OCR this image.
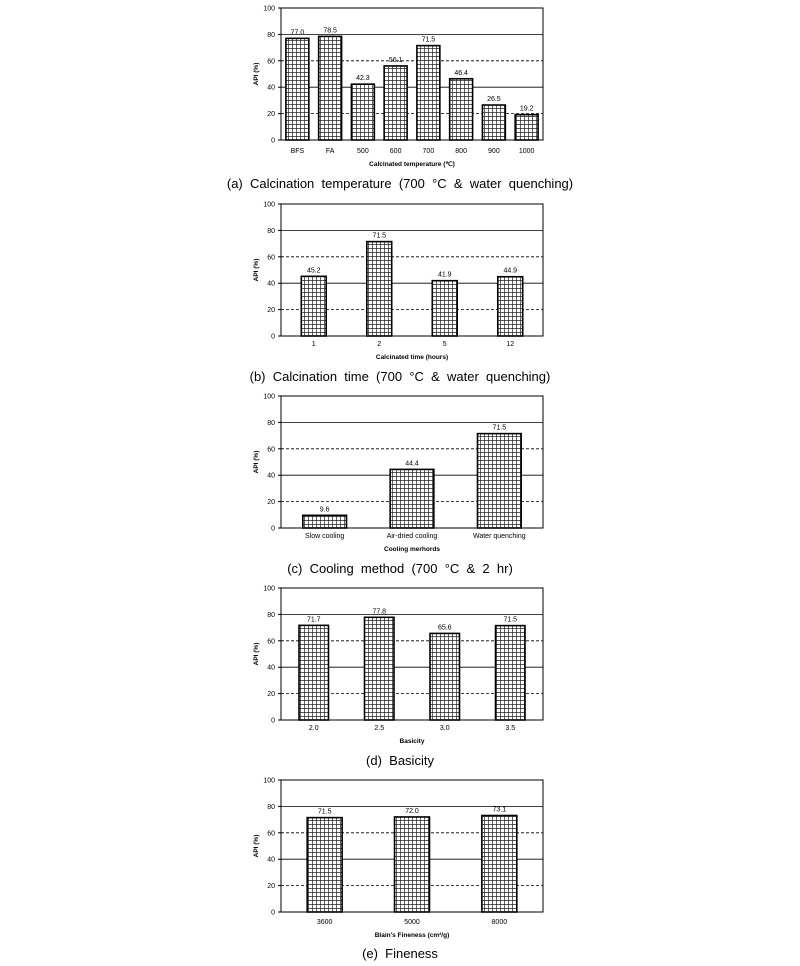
0
20
40
60
80
100
77.0
BFS
78.5
FA
42.3
500
56.1
600
71.5
700
46.4
800
26.5
900
19.2
1000
Calcinated temperature (℃)
API (%)
(a)  Calcination  temperature  (700  °C  &  water  quenching)
0
20
40
60
80
100
45.2
1
71.5
2
41.9
5
44.9
12
Calcinated time (hours)
API (%)
(b)  Calcination  time  (700  °C  &  water  quenching)
0
20
40
60
80
100
9.6
Slow cooling
44.4
Air-dried cooling
71.5
Water quenching
Cooling merhords
API (%)
(c)  Cooling  method  (700  °C  &  2  hr)
0
20
40
60
80
100
71.7
2.0
77.8
2.5
65.6
3.0
71.5
3.5
Basicity
API (%)
(d)  Basicity
0
20
40
60
80
100
71.5
3600
72.0
5000
73.1
8000
Blain's Fineness (cm²/g)
API (%)
(e)  Fineness
